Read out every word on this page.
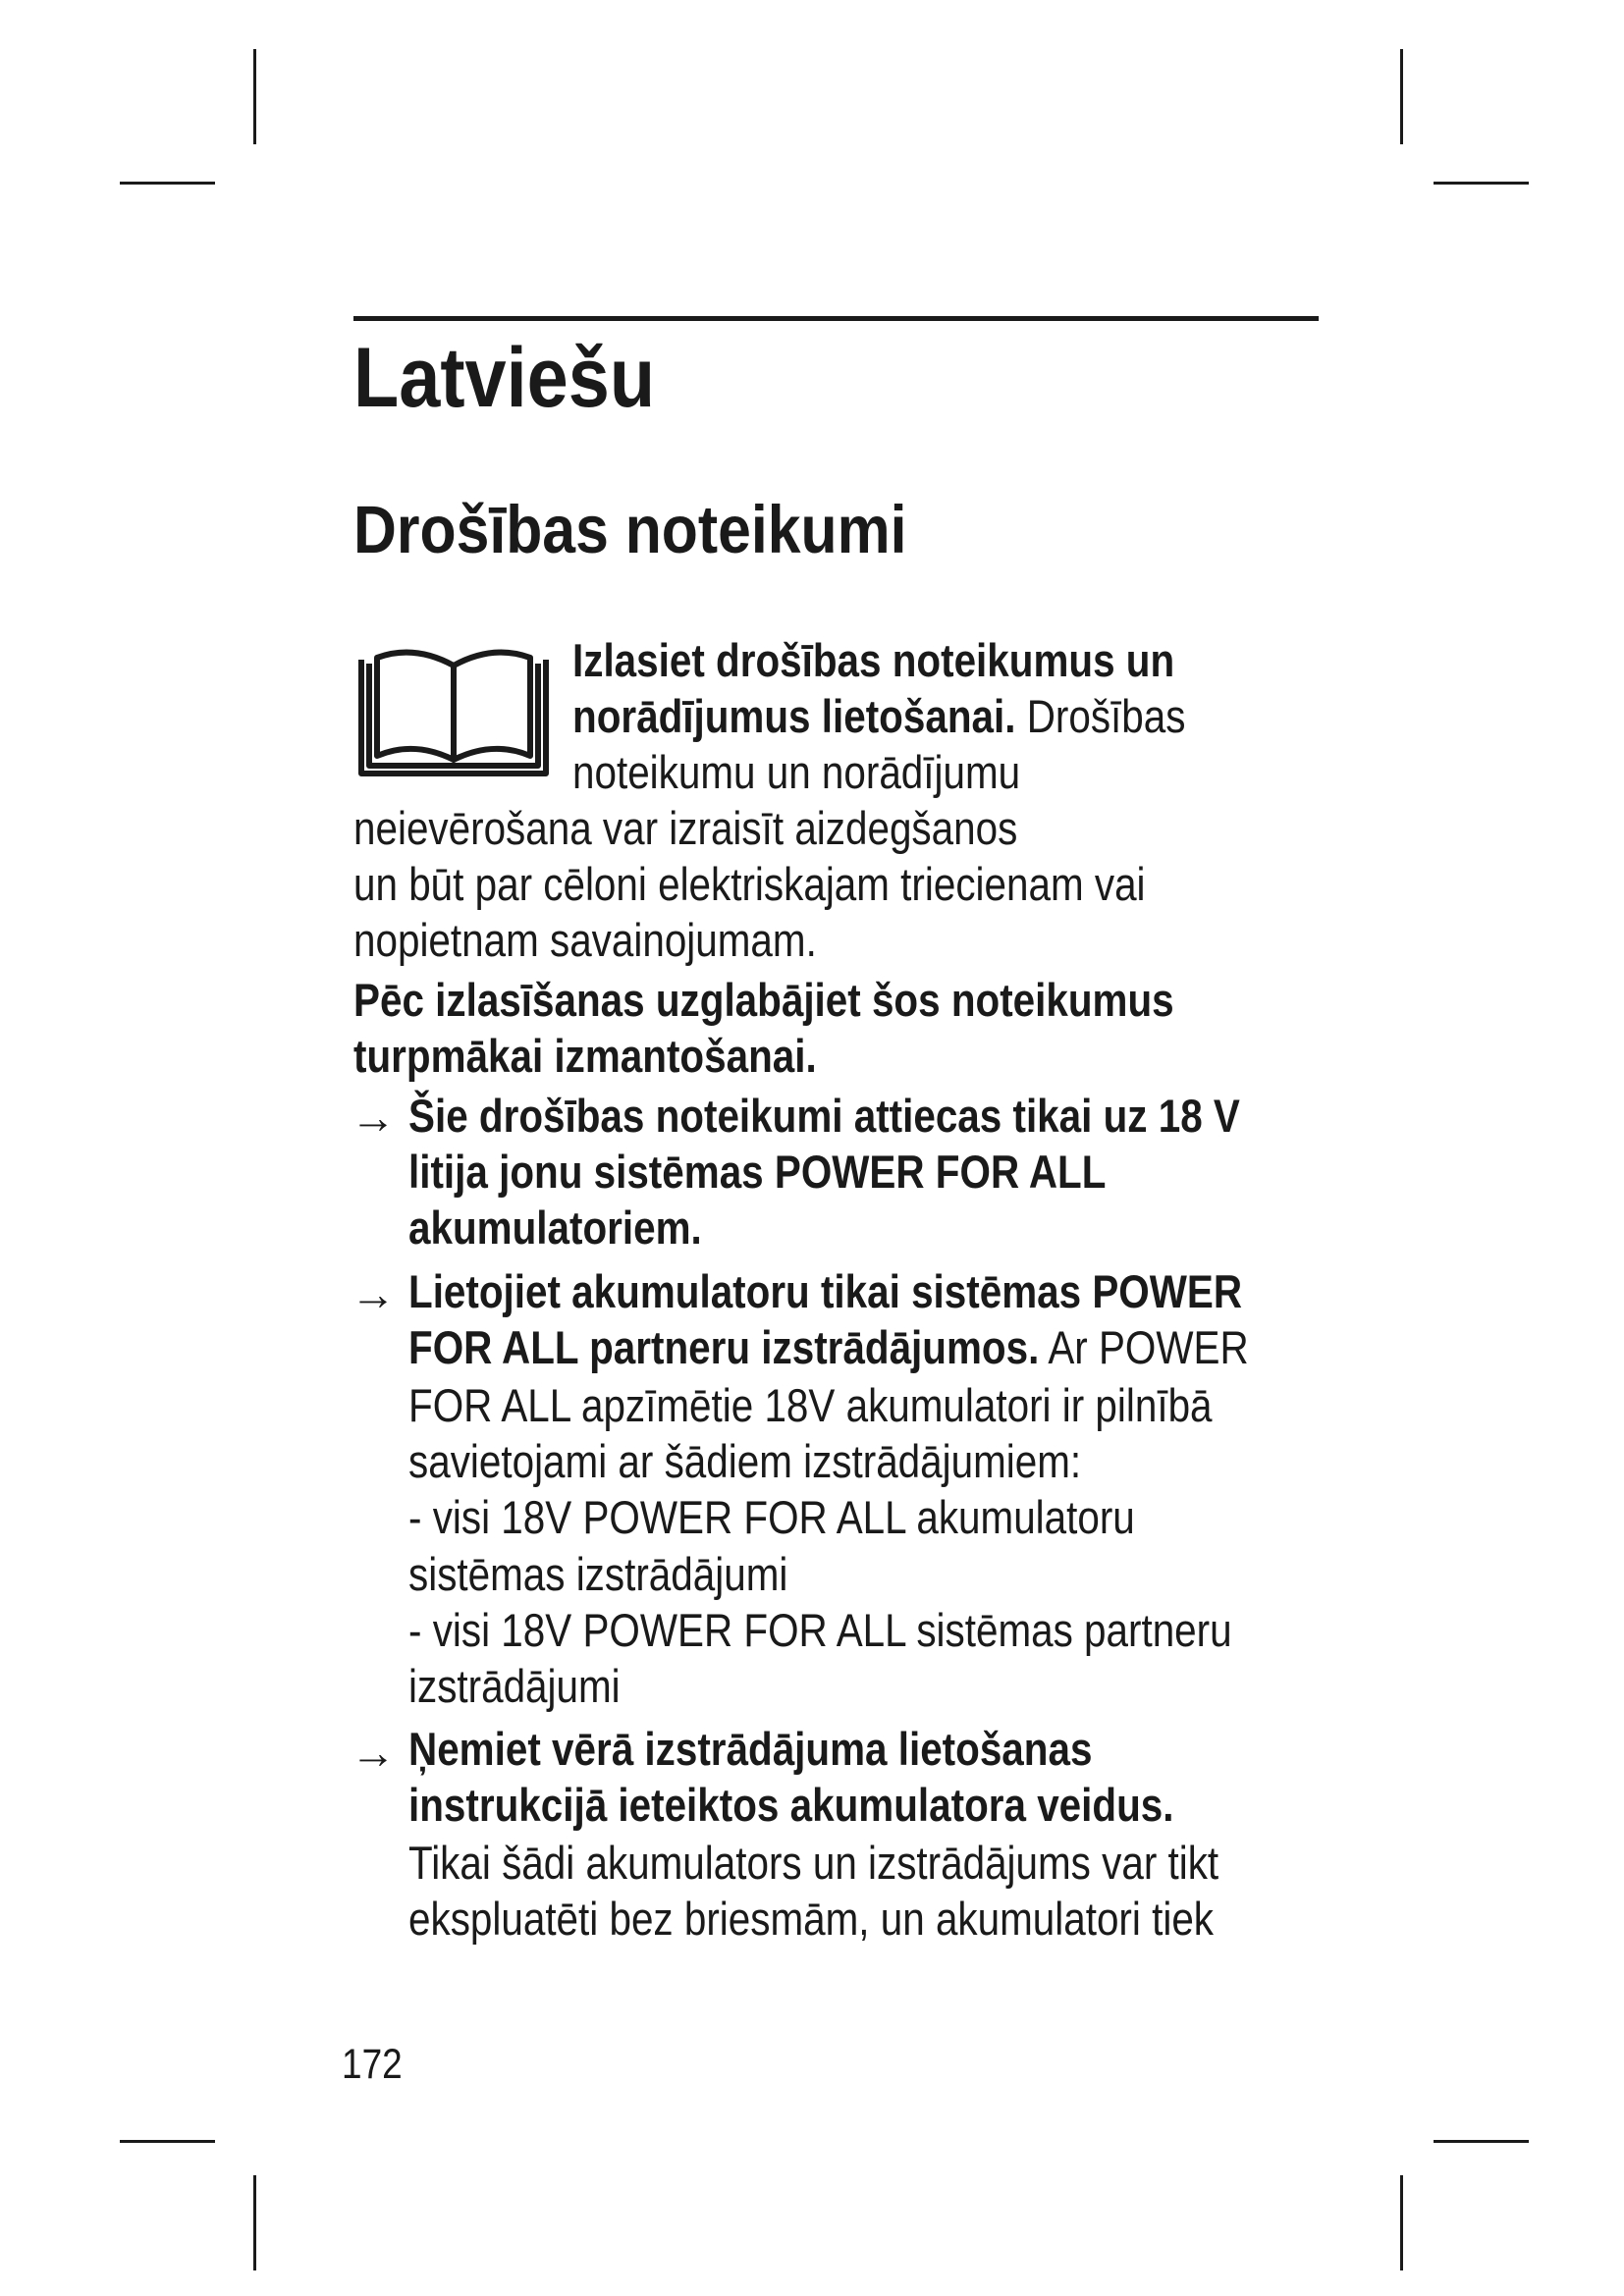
Latviešu
Drošības noteikumi
Izlasiet drošības noteikumus un
norādījumus lietošanai. Drošības
noteikumu un norādījumu
neievērošana var izraisīt aizdegšanos
un būt par cēloni elektriskajam triecienam vai
nopietnam savainojumam.
Pēc izlasīšanas uzglabājiet šos noteikumus
turpmākai izmantošanai.
→ Šie drošības noteikumi attiecas tikai uz 18 V
litija jonu sistēmas POWER FOR ALL
akumulatoriem.
→ Lietojiet akumulatoru tikai sistēmas POWER
FOR ALL partneru izstrādājumos. Ar POWER
FOR ALL apzīmētie 18V akumulatori ir pilnībā
savietojami ar šādiem izstrādājumiem:
- visi 18V POWER FOR ALL akumulatoru
sistēmas izstrādājumi
- visi 18V POWER FOR ALL sistēmas partneru
izstrādājumi
→ Ņemiet vērā izstrādājuma lietošanas
instrukcijā ieteiktos akumulatora veidus.
Tikai šādi akumulators un izstrādājums var tikt
ekspluatēti bez briesmām, un akumulatori tiek
172
